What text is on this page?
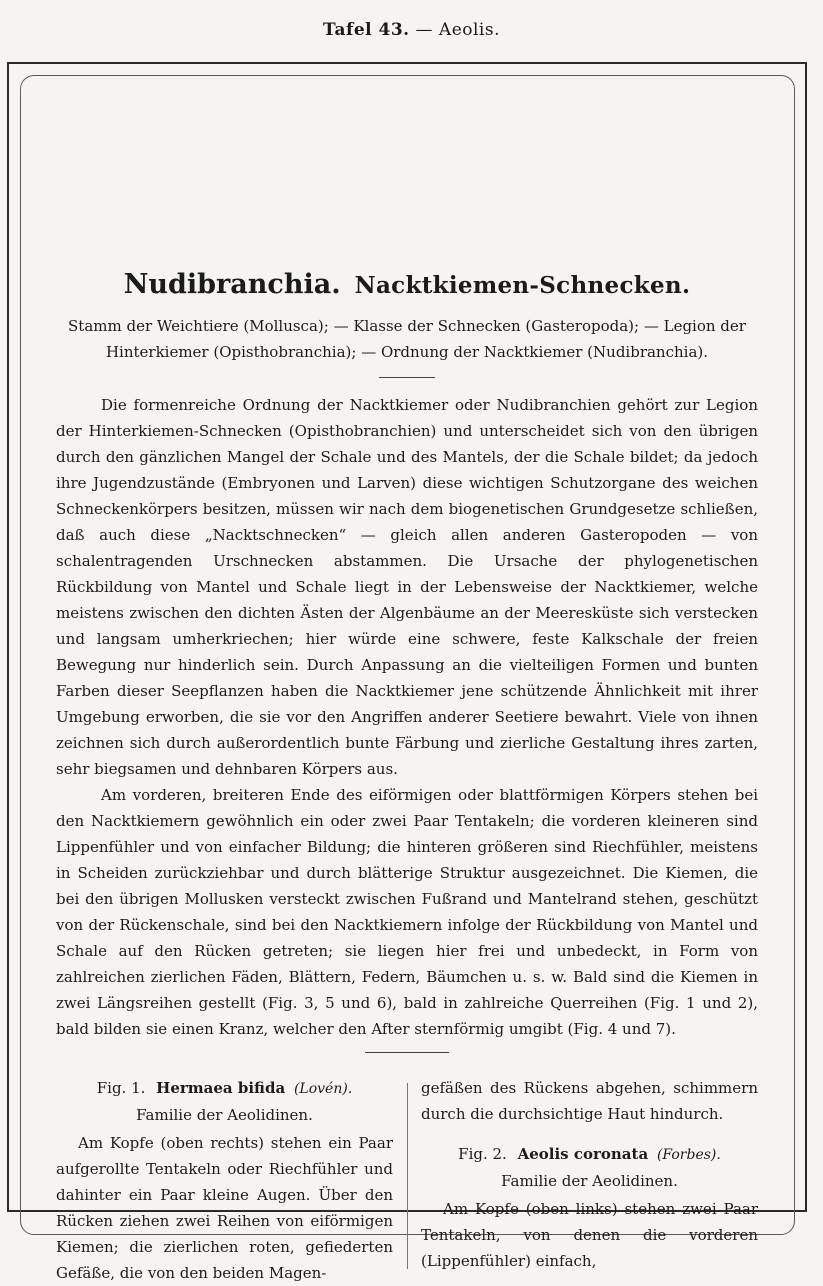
Tafel 43. — Aeolis.
Nudibranchia. Nacktkiemen-Schnecken.

Stamm der Weichtiere (Mollusca); — Klasse der Schnecken (Gasteropoda); — Legion der Hinterkiemer (Opisthobranchia); — Ordnung der Nacktkiemer (Nudibranchia).

Die formenreiche Ordnung der Nacktkiemer oder Nudibranchien gehört zur Legion der Hinterkiemen-Schnecken (Opisthobranchien) und unterscheidet sich von den übrigen durch den gänzlichen Mangel der Schale und des Mantels, der die Schale bildet; da jedoch ihre Jugendzustände (Embryonen und Larven) diese wichtigen Schutzorgane des weichen Schneckenkörpers besitzen, müssen wir nach dem biogenetischen Grundgesetze schließen, daß auch diese „Nacktschnecken“ — gleich allen anderen Gasteropoden — von schalentragenden Urschnecken abstammen. Die Ursache der phylogenetischen Rückbildung von Mantel und Schale liegt in der Lebensweise der Nacktkiemer, welche meistens zwischen den dichten Ästen der Algenbäume an der Meeresküste sich verstecken und langsam umherkriechen; hier würde eine schwere, feste Kalkschale der freien Bewegung nur hinderlich sein. Durch Anpassung an die vielteiligen Formen und bunten Farben dieser Seepflanzen haben die Nacktkiemer jene schützende Ähnlichkeit mit ihrer Umgebung erworben, die sie vor den Angriffen anderer Seetiere bewahrt. Viele von ihnen zeichnen sich durch außerordentlich bunte Färbung und zierliche Gestaltung ihres zarten, sehr biegsamen und dehnbaren Körpers aus.

Am vorderen, breiteren Ende des eiförmigen oder blattförmigen Körpers stehen bei den Nacktkiemern gewöhnlich ein oder zwei Paar Tentakeln; die vorderen kleineren sind Lippenfühler und von einfacher Bildung; die hinteren größeren sind Riechfühler, meistens in Scheiden zurückziehbar und durch blätterige Struktur ausgezeichnet. Die Kiemen, die bei den übrigen Mollusken versteckt zwischen Fußrand und Mantelrand stehen, geschützt von der Rückenschale, sind bei den Nacktkiemern infolge der Rückbildung von Mantel und Schale auf den Rücken getreten; sie liegen hier frei und unbedeckt, in Form von zahlreichen zierlichen Fäden, Blättern, Federn, Bäumchen u. s. w. Bald sind die Kiemen in zwei Längsreihen gestellt (Fig. 3, 5 und 6), bald in zahlreiche Querreihen (Fig. 1 und 2), bald bilden sie einen Kranz, welcher den After sternförmig umgibt (Fig. 4 und 7).

Fig. 1. Hermaea bifida (Lovén).

Familie der Aeolidinen.

Am Kopfe (oben rechts) stehen ein Paar aufgerollte Tentakeln oder Riechfühler und dahinter ein Paar kleine Augen. Über den Rücken ziehen zwei Reihen von eiförmigen Kiemen; die zierlichen roten, gefiederten Gefäße, die von den beiden Magen-

gefäßen des Rückens abgehen, schimmern durch die durchsichtige Haut hindurch.

Fig. 2. Aeolis coronata (Forbes).

Familie der Aeolidinen.

Am Kopfe (oben links) stehen zwei Paar Tentakeln, von denen die vorderen (Lippenfühler) einfach,
